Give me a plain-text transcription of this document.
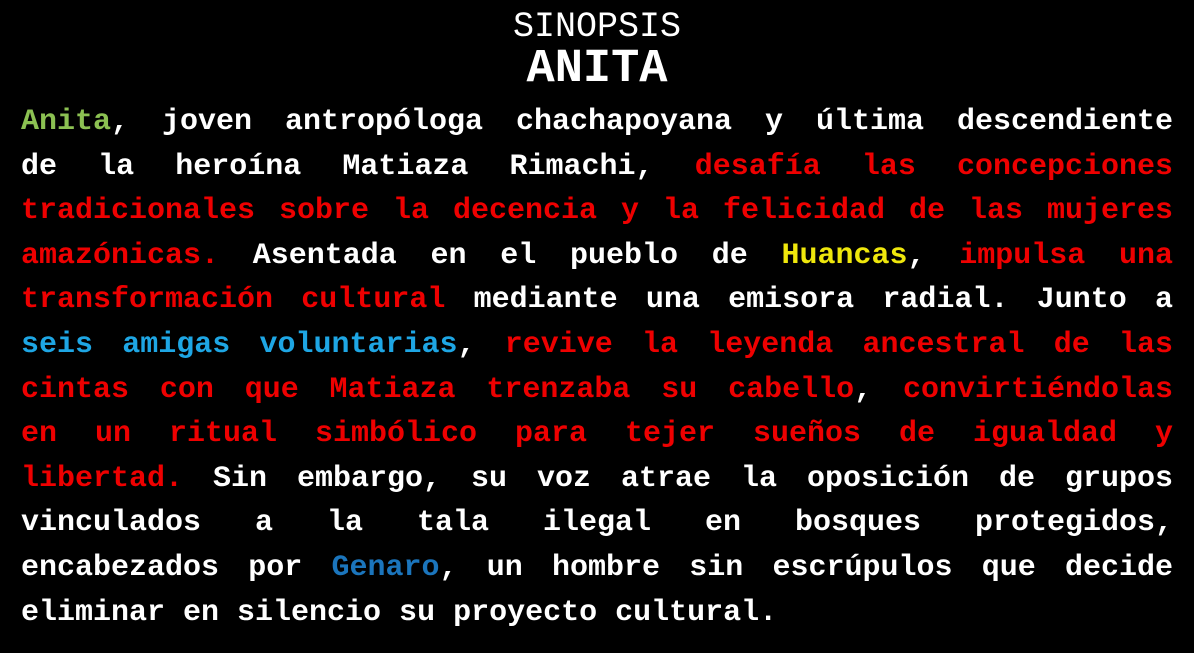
SINOPSIS
ANITA
Anita, joven antropóloga chachapoyana y última descendiente
de la heroína Matiaza Rimachi, desafía las concepciones
tradicionales sobre la decencia y la felicidad de las mujeres
amazónicas. Asentada en el pueblo de Huancas, impulsa una
transformación cultural mediante una emisora radial. Junto a
seis amigas voluntarias, revive la leyenda ancestral de las
cintas con que Matiaza trenzaba su cabello, convirtiéndolas
en un ritual simbólico para tejer sueños de igualdad y
libertad. Sin embargo, su voz atrae la oposición de grupos
vinculados a la tala ilegal en bosques protegidos,
encabezados por Genaro, un hombre sin escrúpulos que decide
eliminar en silencio su proyecto cultural.
